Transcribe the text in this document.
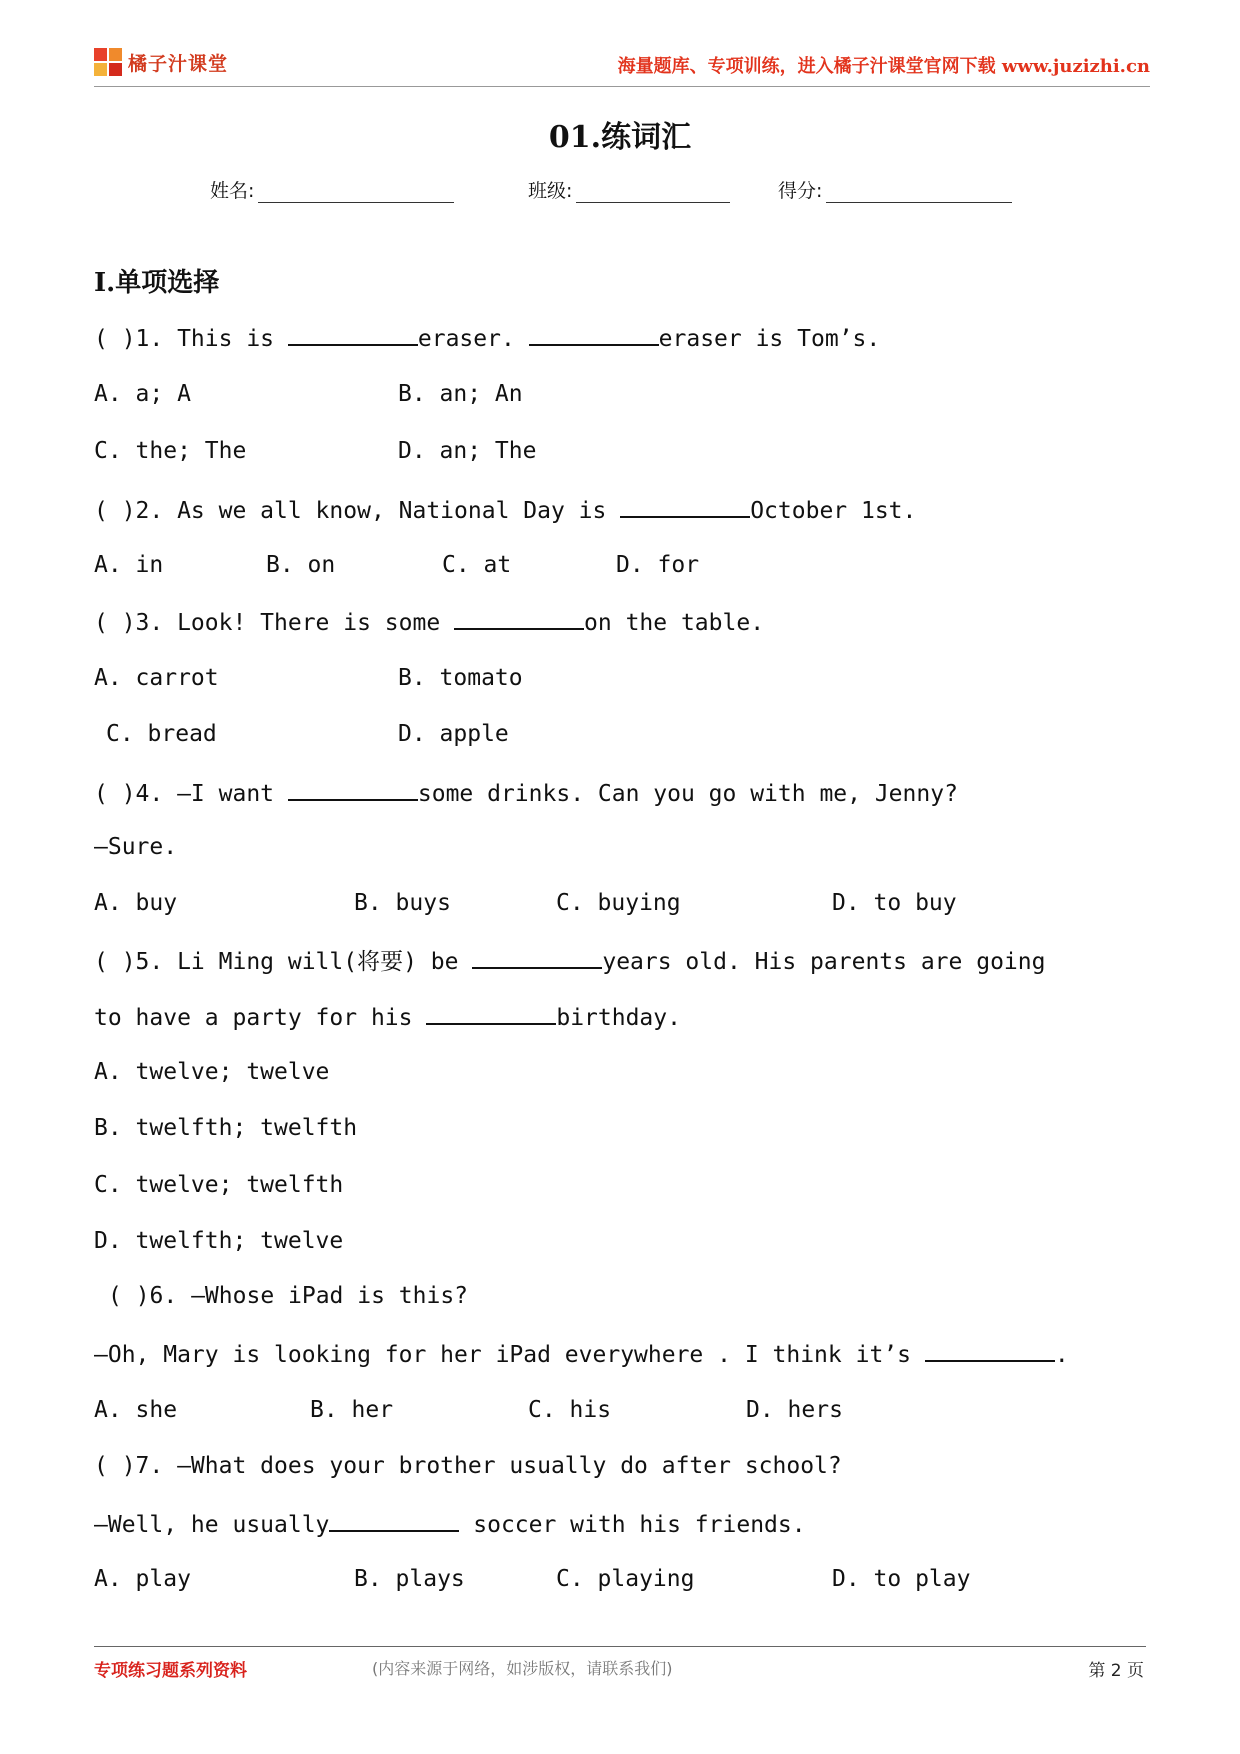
橘子汁课堂	海量题库、专项训练，进入橘子汁课堂官网下载 www.juzizhi.cn
01.练词汇
姓名:	班级:	得分:
I.单项选择
( )1. This is	eraser.	eraser is Tom’s.
A. a; A	B. an; An
C. the; The	D. an; The
( )2. As we all know, National Day is	October 1st.
A. in	B. on	C. at	D. for
( )3. Look! There is some	on the table.
A. carrot	B. tomato
C. bread	D. apple
( )4. —I want	some drinks. Can you go with me, Jenny?
—Sure.
A. buy	B. buys	C. buying	D. to buy
( )5. Li Ming will(将要) be	years old. His parents are going
to have a party for his	birthday.
A. twelve; twelve
B. twelfth; twelfth
C. twelve; twelfth
D. twelfth; twelve
( )6. —Whose iPad is this?
—Oh, Mary is looking for her iPad everywhere . I think it’s	.
A. she	B. her	C. his	D. hers
( )7. —What does your brother usually do after school?
—Well, he usually	soccer with his friends.
A. play	B. plays	C. playing	D. to play
专项练习题系列资料	(内容来源于网络，如涉版权，请联系我们)	第 2 页
